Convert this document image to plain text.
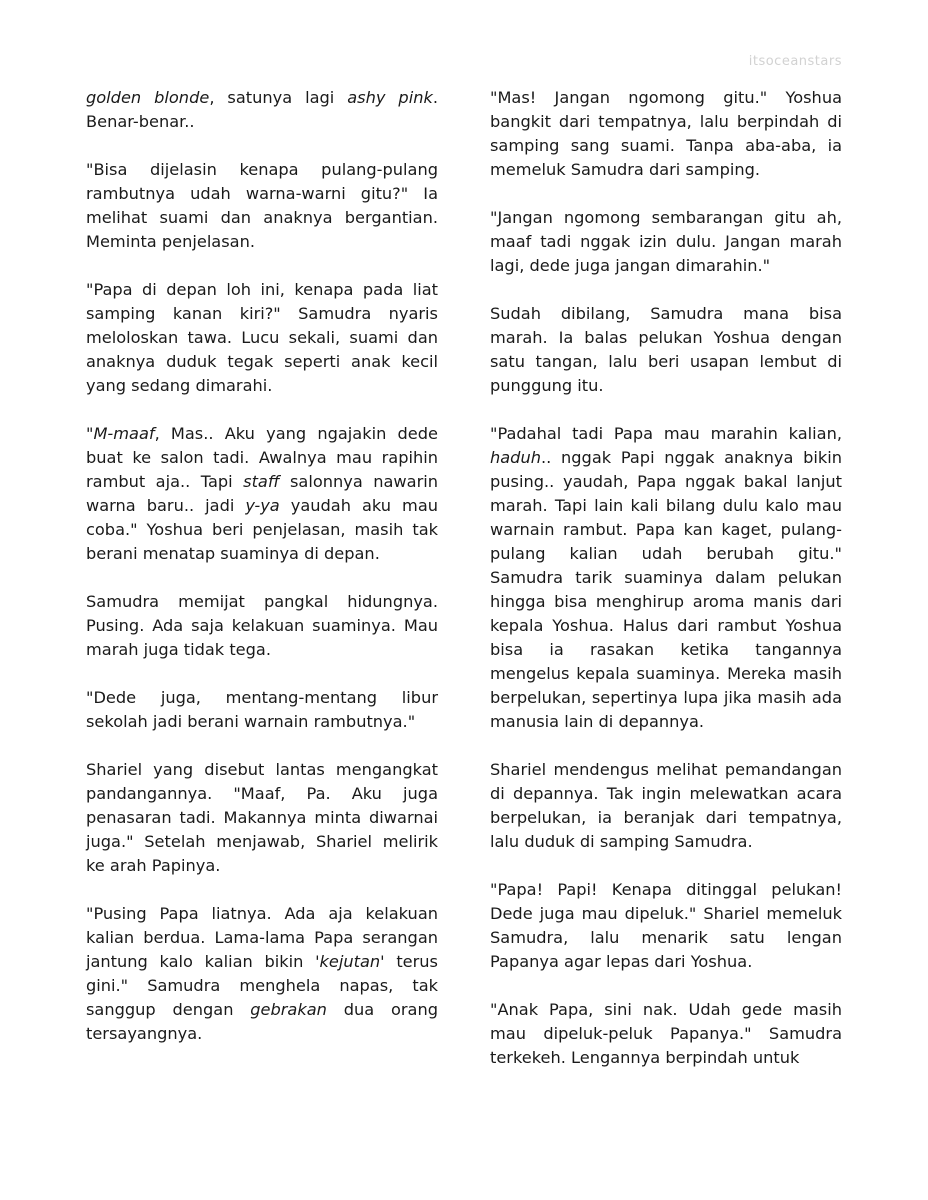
itsoceanstars

golden blonde, satunya lagi ashy pink. Benar-benar..

"Bisa dijelasin kenapa pulang-pulang rambutnya udah warna-warni gitu?" Ia melihat suami dan anaknya bergantian. Meminta penjelasan.

"Papa di depan loh ini, kenapa pada liat samping kanan kiri?" Samudra nyaris meloloskan tawa. Lucu sekali, suami dan anaknya duduk tegak seperti anak kecil yang sedang dimarahi.

"M-maaf, Mas.. Aku yang ngajakin dede buat ke salon tadi. Awalnya mau rapihin rambut aja.. Tapi staff salonnya nawarin warna baru.. jadi y-ya yaudah aku mau coba." Yoshua beri penjelasan, masih tak berani menatap suaminya di depan.

Samudra memijat pangkal hidungnya. Pusing. Ada saja kelakuan suaminya. Mau marah juga tidak tega.

"Dede juga, mentang-mentang libur sekolah jadi berani warnain rambutnya."

Shariel yang disebut lantas mengangkat pandangannya. "Maaf, Pa. Aku juga penasaran tadi. Makannya minta diwarnai juga." Setelah menjawab, Shariel melirik ke arah Papinya.

"Pusing Papa liatnya. Ada aja kelakuan kalian berdua. Lama-lama Papa serangan jantung kalo kalian bikin 'kejutan' terus gini." Samudra menghela napas, tak sanggup dengan gebrakan dua orang tersayangnya.

"Mas! Jangan ngomong gitu." Yoshua bangkit dari tempatnya, lalu berpindah di samping sang suami. Tanpa aba-aba, ia memeluk Samudra dari samping.

"Jangan ngomong sembarangan gitu ah, maaf tadi nggak izin dulu. Jangan marah lagi, dede juga jangan dimarahin."

Sudah dibilang, Samudra mana bisa marah. Ia balas pelukan Yoshua dengan satu tangan, lalu beri usapan lembut di punggung itu.

"Padahal tadi Papa mau marahin kalian, haduh.. nggak Papi nggak anaknya bikin pusing.. yaudah, Papa nggak bakal lanjut marah. Tapi lain kali bilang dulu kalo mau warnain rambut. Papa kan kaget, pulang-pulang kalian udah berubah gitu." Samudra tarik suaminya dalam pelukan hingga bisa menghirup aroma manis dari kepala Yoshua. Halus dari rambut Yoshua bisa ia rasakan ketika tangannya mengelus kepala suaminya. Mereka masih berpelukan, sepertinya lupa jika masih ada manusia lain di depannya.

Shariel mendengus melihat pemandangan di depannya. Tak ingin melewatkan acara berpelukan, ia beranjak dari tempatnya, lalu duduk di samping Samudra.

"Papa! Papi! Kenapa ditinggal pelukan! Dede juga mau dipeluk." Shariel memeluk Samudra, lalu menarik satu lengan Papanya agar lepas dari Yoshua.

"Anak Papa, sini nak. Udah gede masih mau dipeluk-peluk Papanya." Samudra terkekeh. Lengannya berpindah untuk
